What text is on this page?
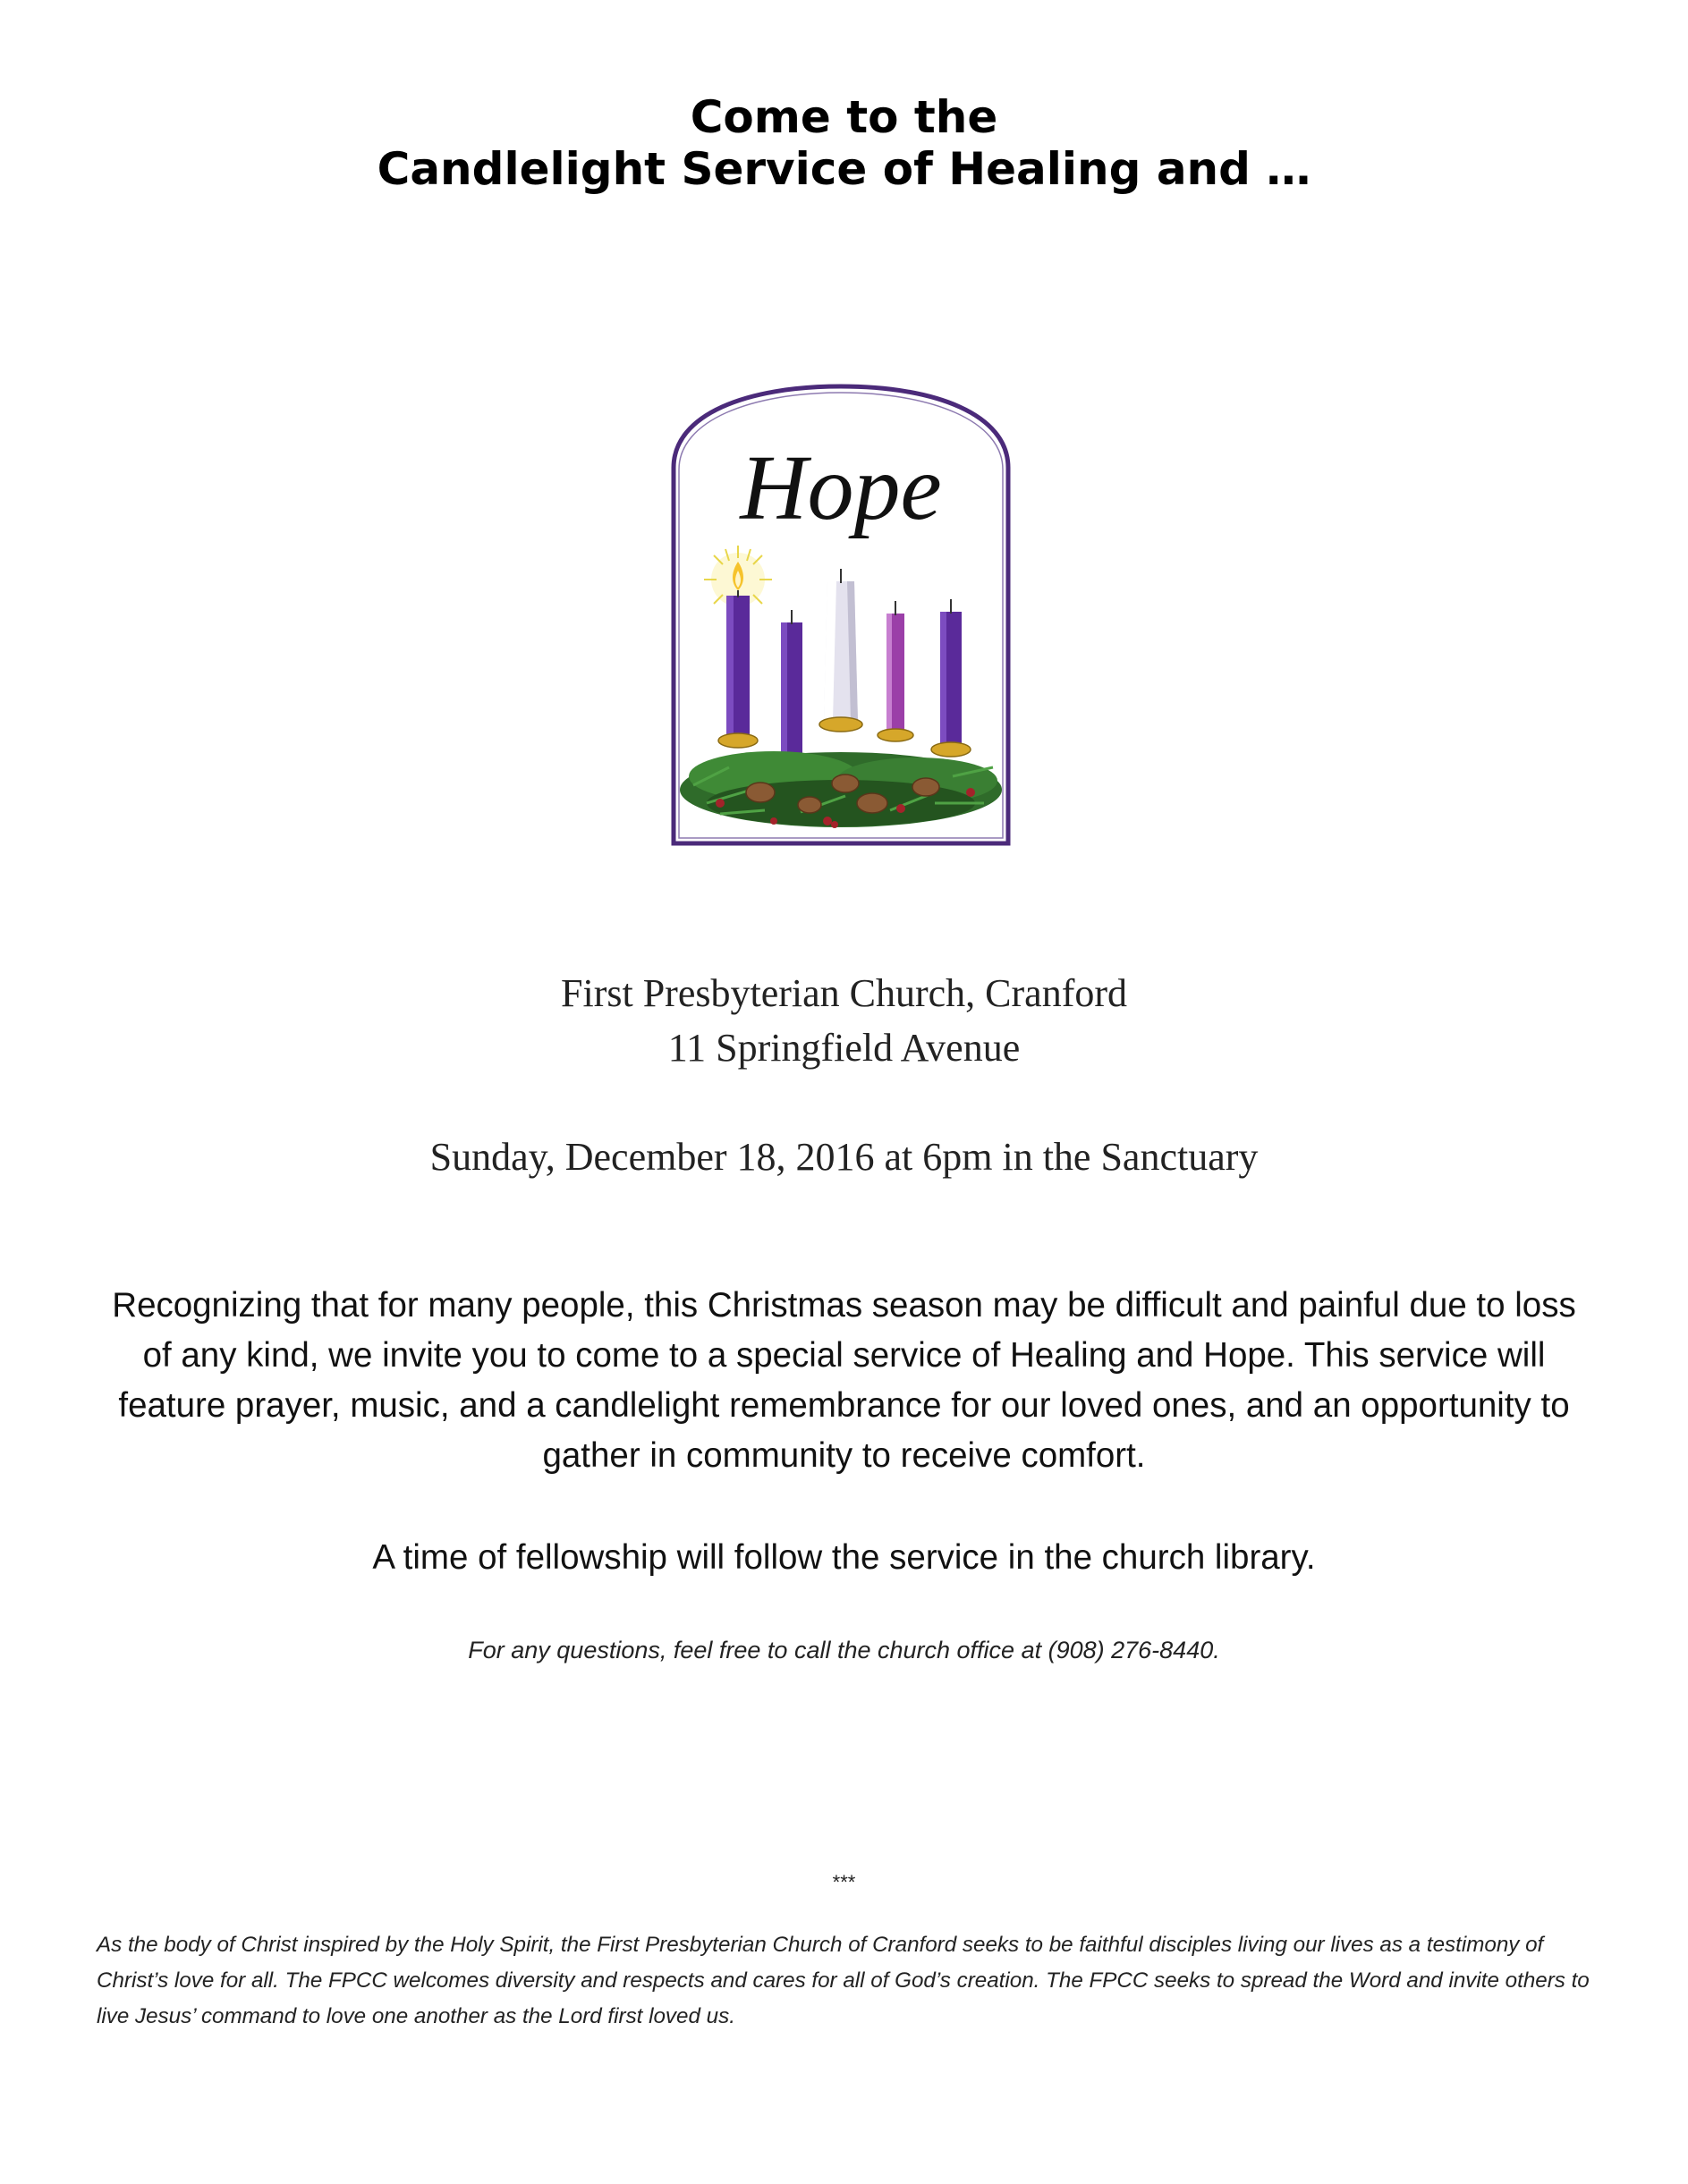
Come to the
Candlelight Service of Healing and …
Hope
First Presbyterian Church, Cranford
11 Springfield Avenue
Sunday, December 18, 2016 at 6pm in the Sanctuary
Recognizing that for many people, this Christmas season may be difficult and painful due to loss of any kind, we invite you to come to a special service of Healing and Hope. This service will feature prayer, music, and a candlelight remembrance for our loved ones, and an opportunity to gather in community to receive comfort.
A time of fellowship will follow the service in the church library.
For any questions, feel free to call the church office at (908) 276-8440.
***
As the body of Christ inspired by the Holy Spirit, the First Presbyterian Church of Cranford seeks to be faithful disciples living our lives as a testimony of Christ’s love for all. The FPCC welcomes diversity and respects and cares for all of God’s creation. The FPCC seeks to spread the Word and invite others to live Jesus’ command to love one another as the Lord first loved us.
